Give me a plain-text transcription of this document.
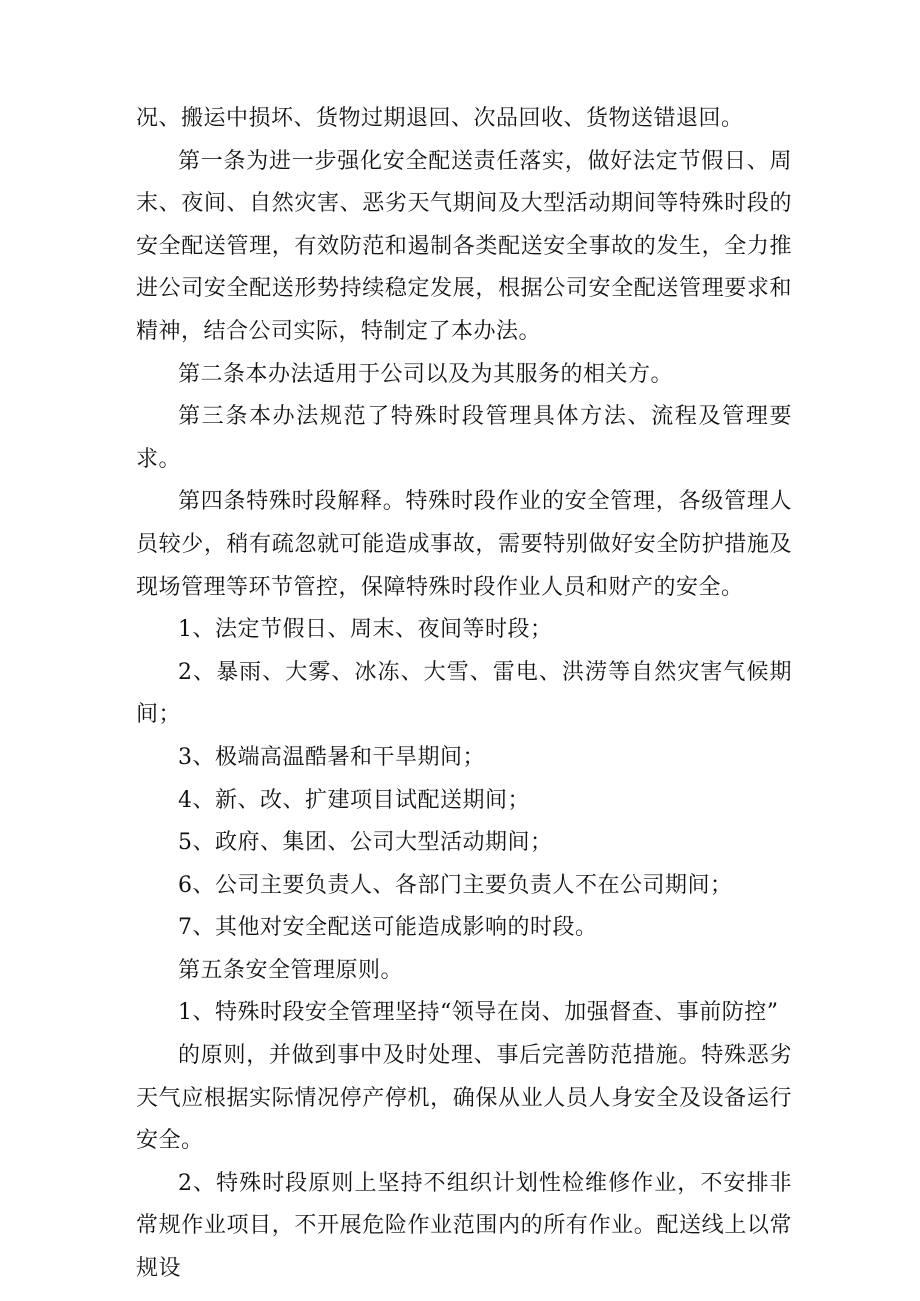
况、搬运中损坏、货物过期退回、次品回收、货物送错退回。

第一条为进一步强化安全配送责任落实，做好法定节假日、周末、夜间、自然灾害、恶劣天气期间及大型活动期间等特殊时段的安全配送管理，有效防范和遏制各类配送安全事故的发生，全力推进公司安全配送形势持续稳定发展，根据公司安全配送管理要求和精神，结合公司实际，特制定了本办法。

第二条本办法适用于公司以及为其服务的相关方。

第三条本办法规范了特殊时段管理具体方法、流程及管理要求。

第四条特殊时段解释。特殊时段作业的安全管理，各级管理人员较少，稍有疏忽就可能造成事故，需要特别做好安全防护措施及现场管理等环节管控，保障特殊时段作业人员和财产的安全。

1、法定节假日、周末、夜间等时段；

2、暴雨、大雾、冰冻、大雪、雷电、洪涝等自然灾害气候期间；

3、极端高温酷暑和干旱期间；

4、新、改、扩建项目试配送期间；

5、政府、集团、公司大型活动期间；

6、公司主要负责人、各部门主要负责人不在公司期间；

7、其他对安全配送可能造成影响的时段。

第五条安全管理原则。

1、特殊时段安全管理坚持“领导在岗、加强督查、事前防控”

的原则，并做到事中及时处理、事后完善防范措施。特殊恶劣天气应根据实际情况停产停机，确保从业人员人身安全及设备运行安全。

2、特殊时段原则上坚持不组织计划性检维修作业，不安排非常规作业项目，不开展危险作业范围内的所有作业。配送线上以常规设
